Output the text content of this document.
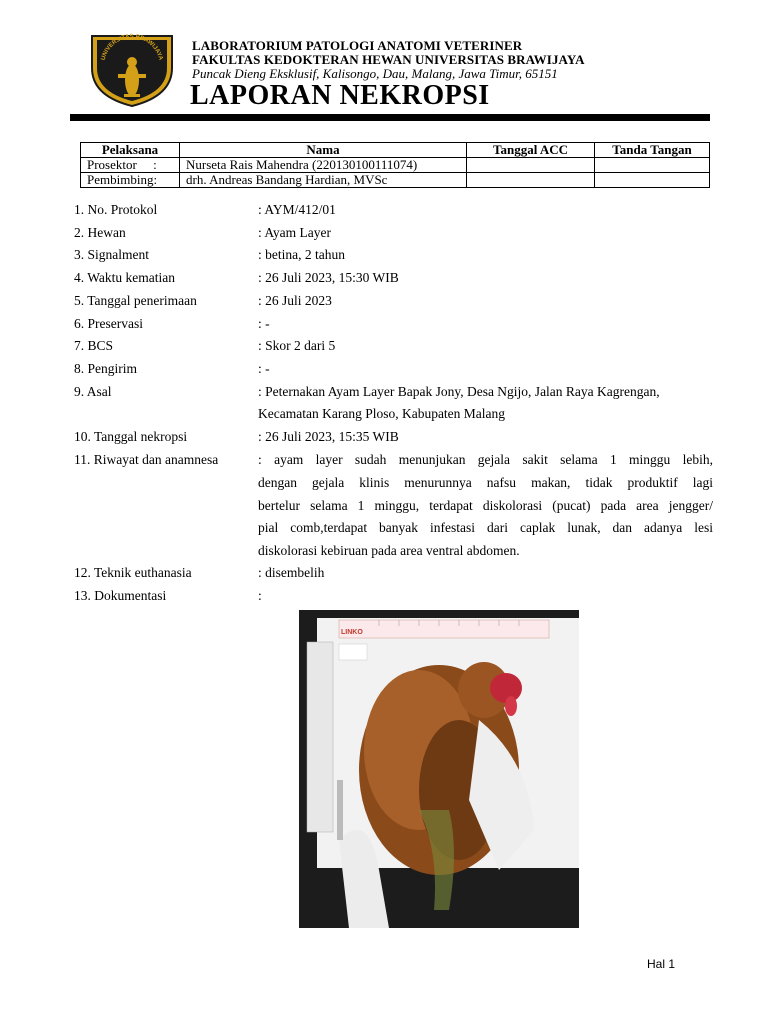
UNIVERSITAS BRAWIJAYA
LABORATORIUM PATOLOGI ANATOMI VETERINER
FAKULTAS KEDOKTERAN HEWAN UNIVERSITAS BRAWIJAYA
Puncak Dieng Eksklusif, Kalisongo, Dau, Malang, Jawa Timur, 65151
LAPORAN NEKROPSI
Pelaksana	Nama	Tanggal ACC	Tanda Tangan
Prosektor     :	Nurseta Rais Mahendra (220130100111074)		
Pembimbing:	drh. Andreas Bandang Hardian, MVSc		
1. No. Protokol	: AYM/412/01
2. Hewan	: Ayam Layer
3. Signalment	: betina, 2 tahun
4. Waktu kematian	: 26 Juli 2023, 15:30 WIB
5. Tanggal penerimaan	: 26 Juli 2023
6. Preservasi	: -
7. BCS	: Skor 2 dari 5
8. Pengirim	: -
9. Asal	: Peternakan Ayam Layer Bapak Jony, Desa Ngijo, Jalan Raya Kagrengan,
Kecamatan Karang Ploso, Kabupaten Malang
10. Tanggal nekropsi	: 26 Juli 2023, 15:35 WIB
11. Riwayat dan anamnesa	: ayam layer sudah menunjukan gejala sakit selama 1 minggu lebih,
dengan gejala klinis menurunnya nafsu makan, tidak produktif lagi
bertelur selama 1 minggu, terdapat diskolorasi (pucat) pada area jengger/
pial comb,terdapat banyak infestasi dari caplak lunak, dan adanya lesi
diskolorasi kebiruan pada area ventral abdomen.
12. Teknik euthanasia	: disembelih
13. Dokumentasi	:
LINKO
Hal 1
